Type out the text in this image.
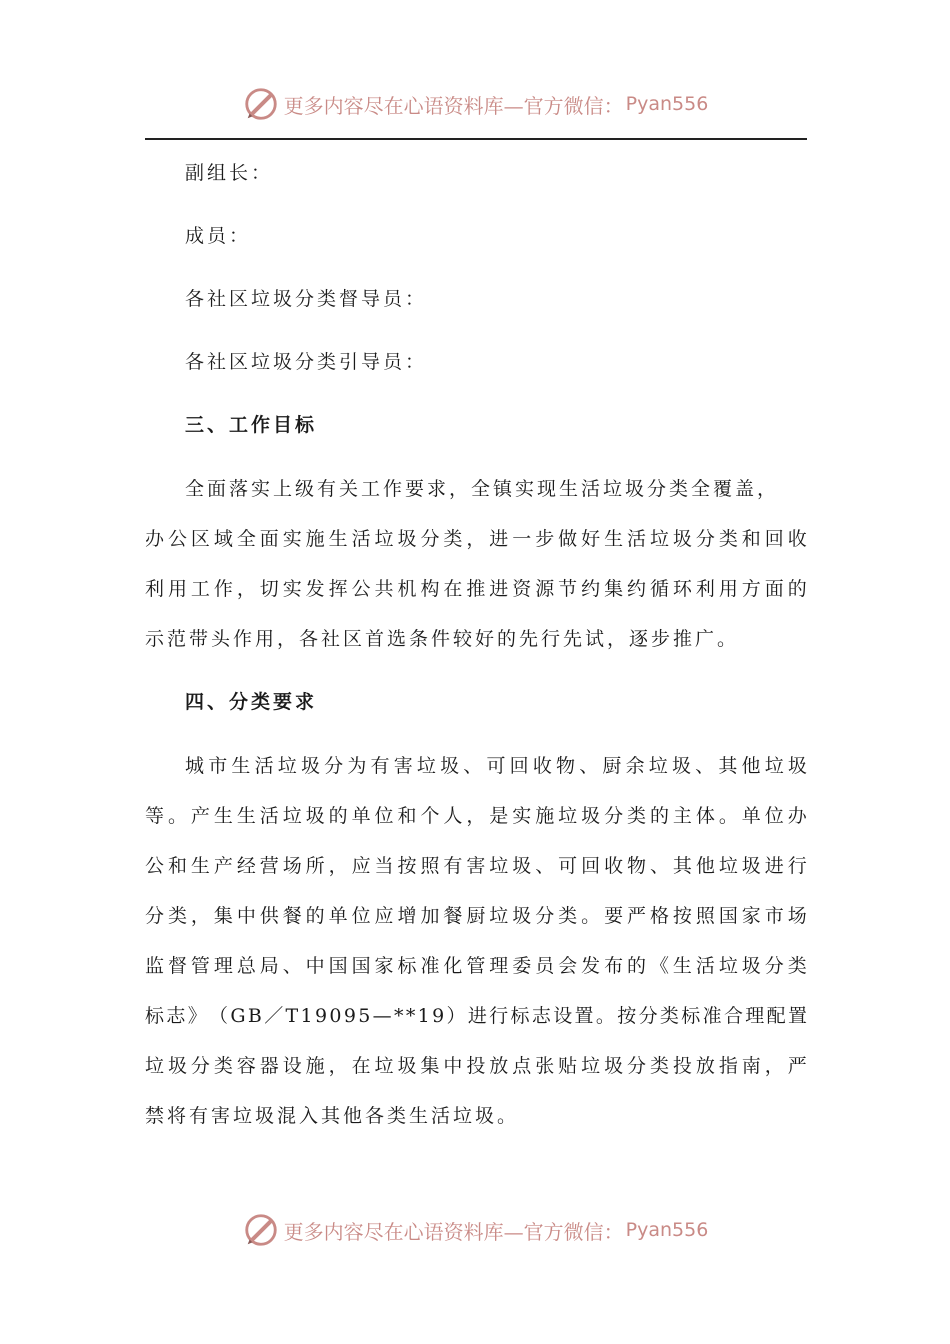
更多内容尽在心语资料库—官方微信： Pyan556
副组长：
成员：
各社区垃圾分类督导员：
各社区垃圾分类引导员：
三、工作目标
全面落实上级有关工作要求，全镇实现生活垃圾分类全覆盖，
办 公 区 域 全 面 实 施 生 活 垃 圾 分 类 ， 进 一 步 做 好 生 活 垃 圾 分 类 和 回 收
利 用 工 作 ， 切 实 发 挥 公 共 机 构 在 推 进 资 源 节 约 集 约 循 环 利 用 方 面 的
示范带头作用，各社区首选条件较好的先行先试，逐步推广。
四、分类要求
城 市 生 活 垃 圾 分 为 有 害 垃 圾 、 可 回 收 物 、 厨 余 垃 圾 、 其 他 垃 圾
等 。 产 生 生 活 垃 圾 的 单 位 和 个 人 ， 是 实 施 垃 圾 分 类 的 主 体 。 单 位 办
公 和 生 产 经 营 场 所 ， 应 当 按 照 有 害 垃 圾 、 可 回 收 物 、 其 他 垃 圾 进 行
分 类 ， 集 中 供 餐 的 单 位 应 增 加 餐 厨 垃 圾 分 类 。 要 严 格 按 照 国 家 市 场
监 督 管 理 总 局 、 中 国 国 家 标 准 化 管 理 委 员 会 发 布 的 《 生 活 垃 圾 分 类
标 志 》 （ G B ／ T 1 9 0 9 5 — * * 1 9 ） 进 行 标 志 设 置 。 按 分 类 标 准 合 理 配 置
垃 圾 分 类 容 器 设 施 ， 在 垃 圾 集 中 投 放 点 张 贴 垃 圾 分 类 投 放 指 南 ， 严
禁将有害垃圾混入其他各类生活垃圾。
更多内容尽在心语资料库—官方微信： Pyan556
